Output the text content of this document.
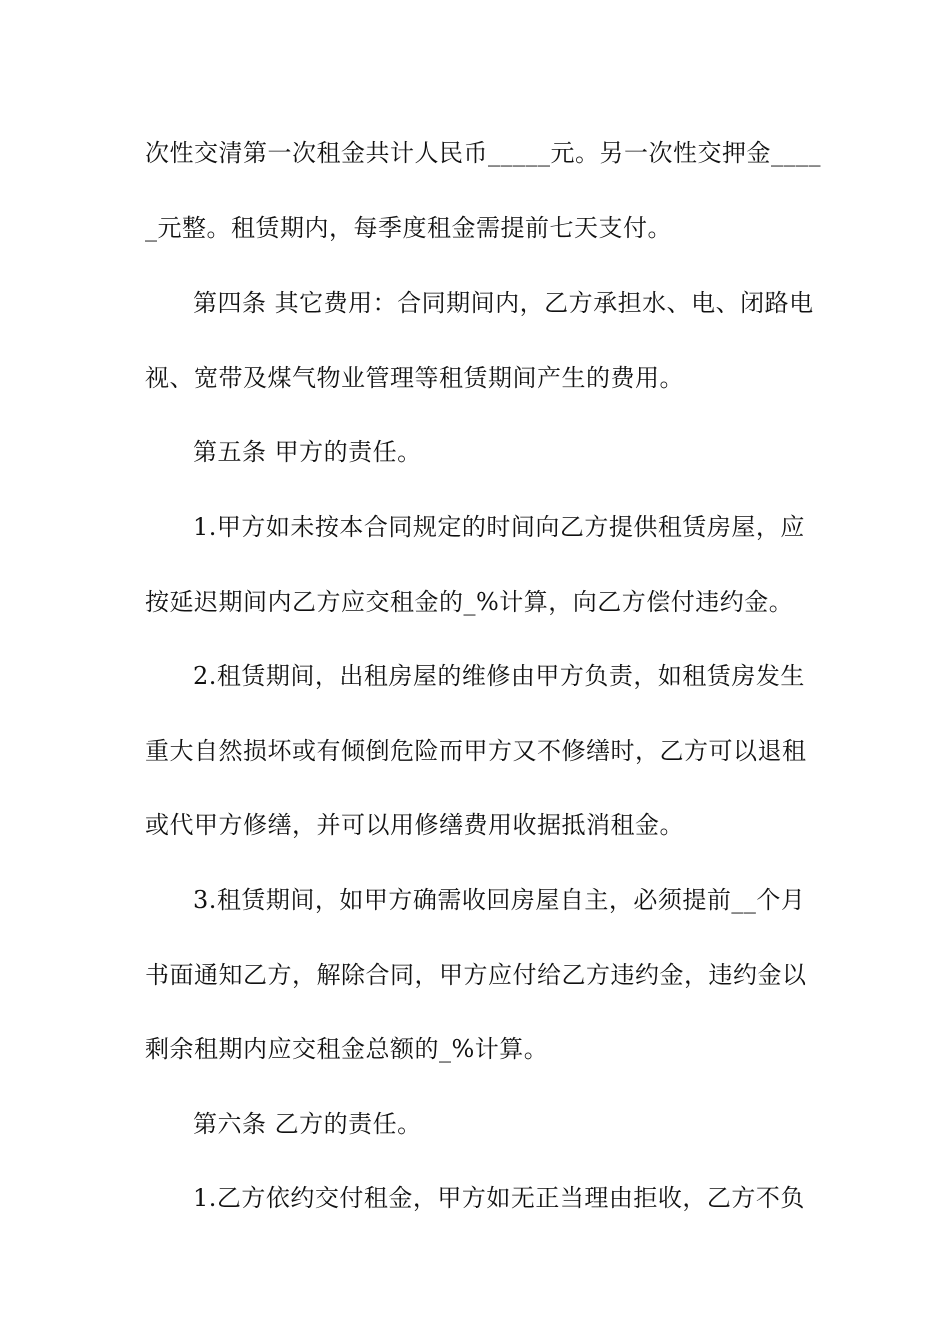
次性交清第一次租金共计人民币_____元。另一次性交押金____
_元整。租赁期内，每季度租金需提前七天支付。
第四条 其它费用：合同期间内，乙方承担水、电、闭路电
视、宽带及煤气物业管理等租赁期间产生的费用。
第五条 甲方的责任。
1.甲方如未按本合同规定的时间向乙方提供租赁房屋，应
按延迟期间内乙方应交租金的_%计算，向乙方偿付违约金。
2.租赁期间，出租房屋的维修由甲方负责，如租赁房发生
重大自然损坏或有倾倒危险而甲方又不修缮时，乙方可以退租
或代甲方修缮，并可以用修缮费用收据抵消租金。
3.租赁期间，如甲方确需收回房屋自主，必须提前__个月
书面通知乙方，解除合同，甲方应付给乙方违约金，违约金以
剩余租期内应交租金总额的_%计算。
第六条 乙方的责任。
1.乙方依约交付租金，甲方如无正当理由拒收，乙方不负
